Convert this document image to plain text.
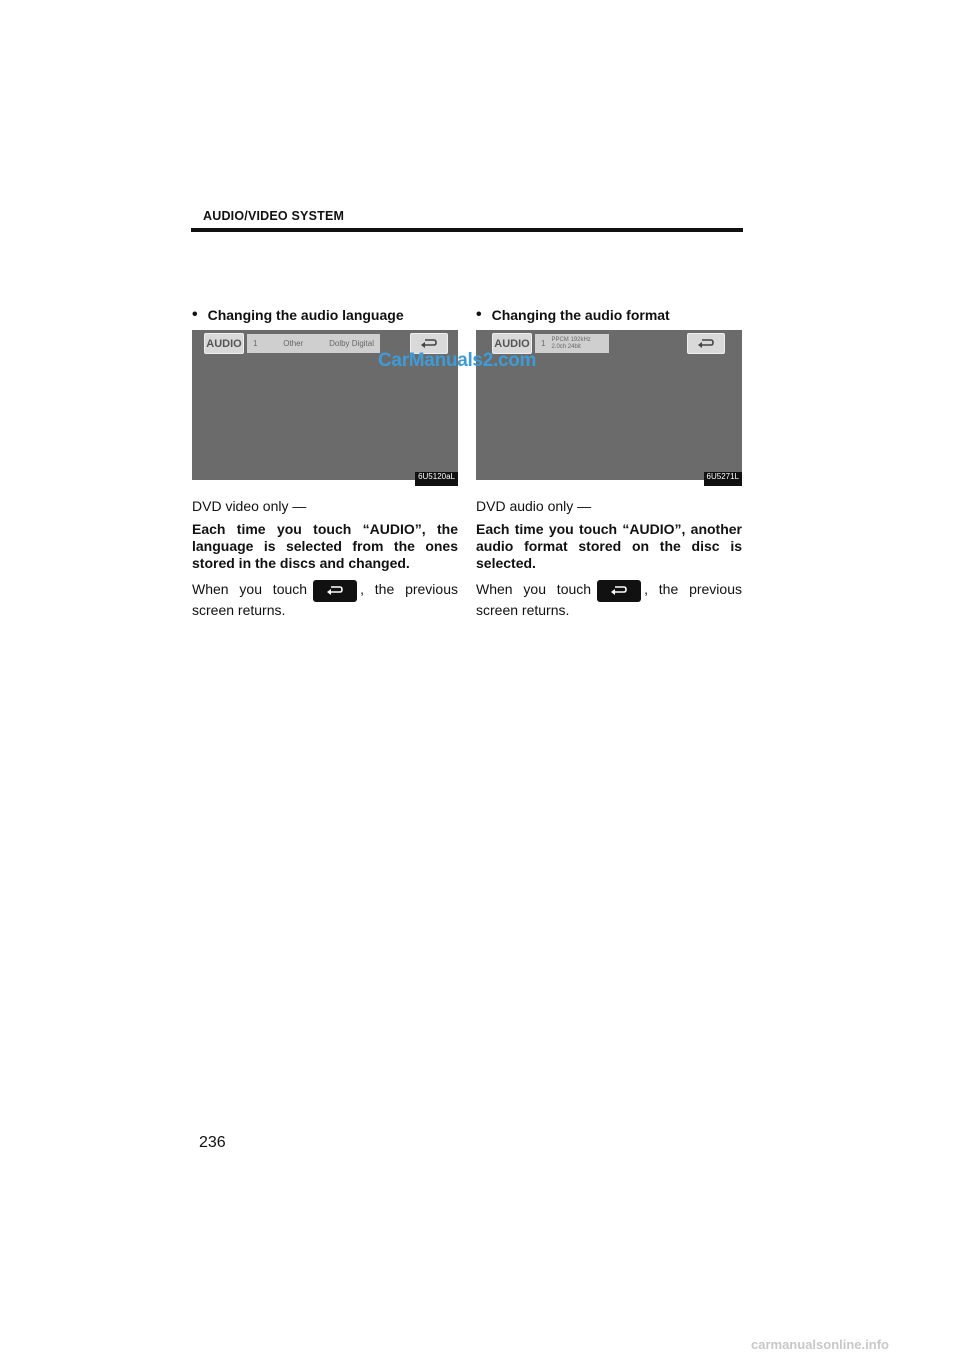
AUDIO/VIDEO SYSTEM
• Changing the audio language
AUDIO 1	Other	Dolby Digital
6U5120aL

DVD video only —

Each time you touch “AUDIO”, the language is selected from the ones stored in the discs and changed.

When you touch	, the previous screen returns.

• Changing the audio format
AUDIO 1 PPCM 192kHz
2.0ch 24bit
6U5271L

DVD audio only —

Each time you touch “AUDIO”, another audio format stored on the disc is selected.

When you touch	, the previous screen returns.

CarManuals2.com
236
carmanualsonline.info
